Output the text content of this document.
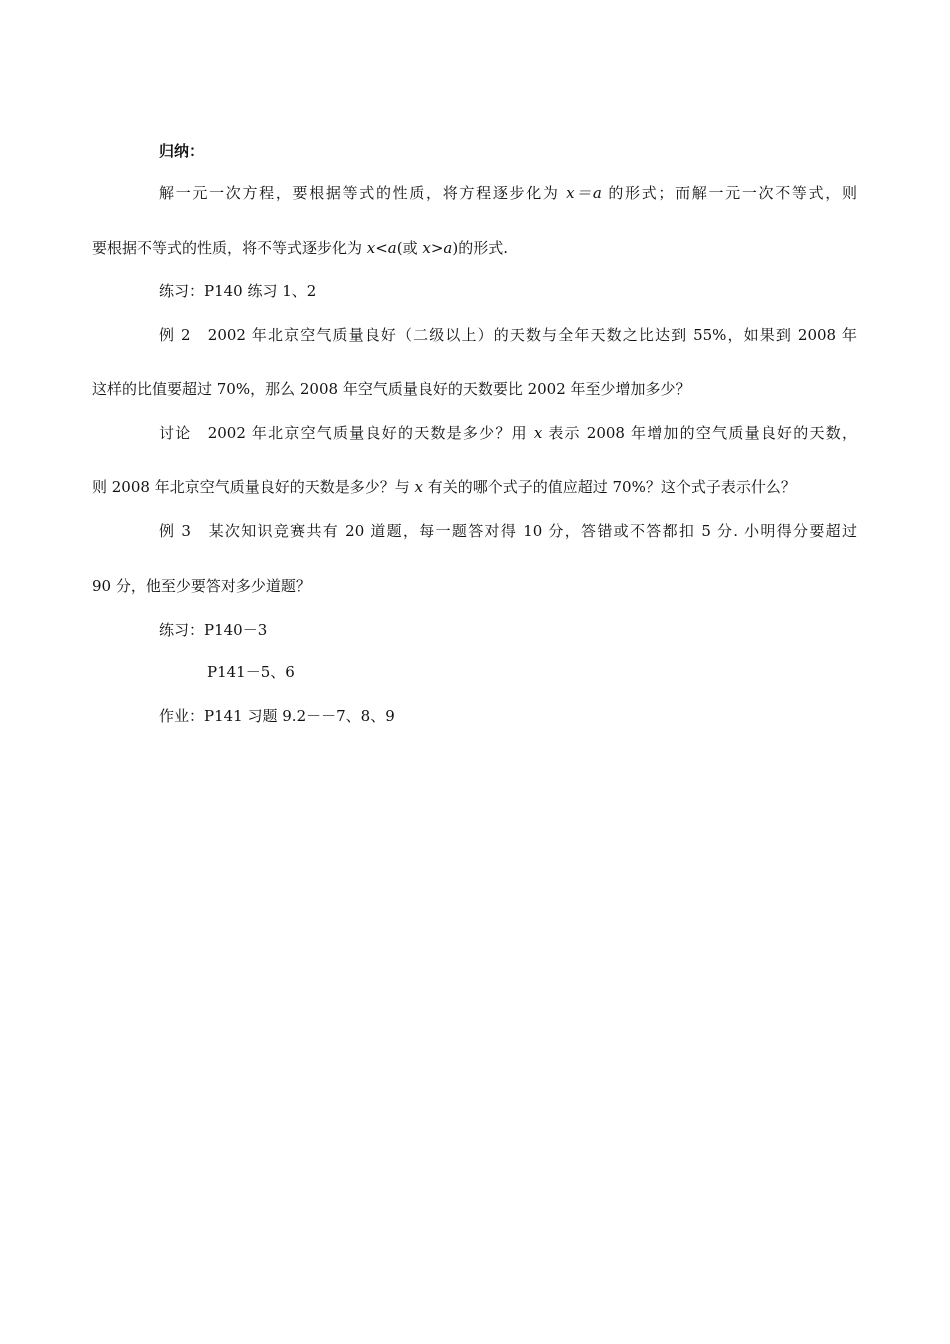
归纳：
解一元一次方程，要根据等式的性质，将方程逐步化为 x＝a 的形式；而解一元一次不等式，则
要根据不等式的性质，将不等式逐步化为 x<a(或 x>a)的形式.
练习：P140 练习 1、2
例 2　2002 年北京空气质量良好（二级以上）的天数与全年天数之比达到 55%，如果到 2008 年
这样的比值要超过 70%，那么 2008 年空气质量良好的天数要比 2002 年至少增加多少？
讨论　2002 年北京空气质量良好的天数是多少？用 x 表示 2008 年增加的空气质量良好的天数，
则 2008 年北京空气质量良好的天数是多少？与 x 有关的哪个式子的值应超过 70%？这个式子表示什么？
例 3　某次知识竞赛共有 20 道题，每一题答对得 10 分，答错或不答都扣 5 分. 小明得分要超过
90 分，他至少要答对多少道题？
练习：P140－3
P141－5、6
作业：P141 习题 9.2－－7、8、9
